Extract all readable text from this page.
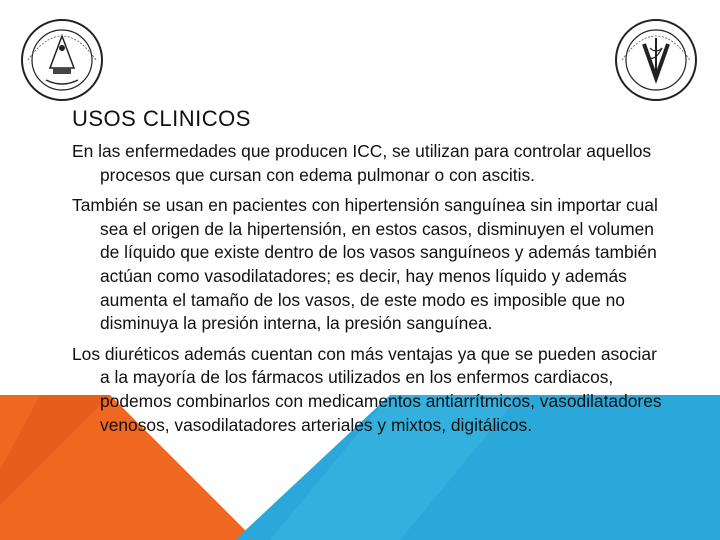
USOS CLINICOS

En las enfermedades que producen ICC, se utilizan para controlar aquellos procesos que cursan con edema pulmonar o con ascitis.

También se usan en pacientes con hipertensión sanguínea sin importar cual sea el origen de la hipertensión, en estos casos, disminuyen el volumen de líquido que existe dentro de los vasos sanguíneos y además también actúan como vasodilatadores; es decir, hay menos líquido y además aumenta el tamaño de los vasos, de este modo es imposible que no disminuya la presión interna, la presión sanguínea.

Los diuréticos además cuentan con más ventajas ya que se pueden asociar a la mayoría de los fármacos utilizados en los enfermos cardiacos, podemos combinarlos con medicamentos antiarrítmicos, vasodilatadores venosos, vasodilatadores arteriales y mixtos, digitálicos.
